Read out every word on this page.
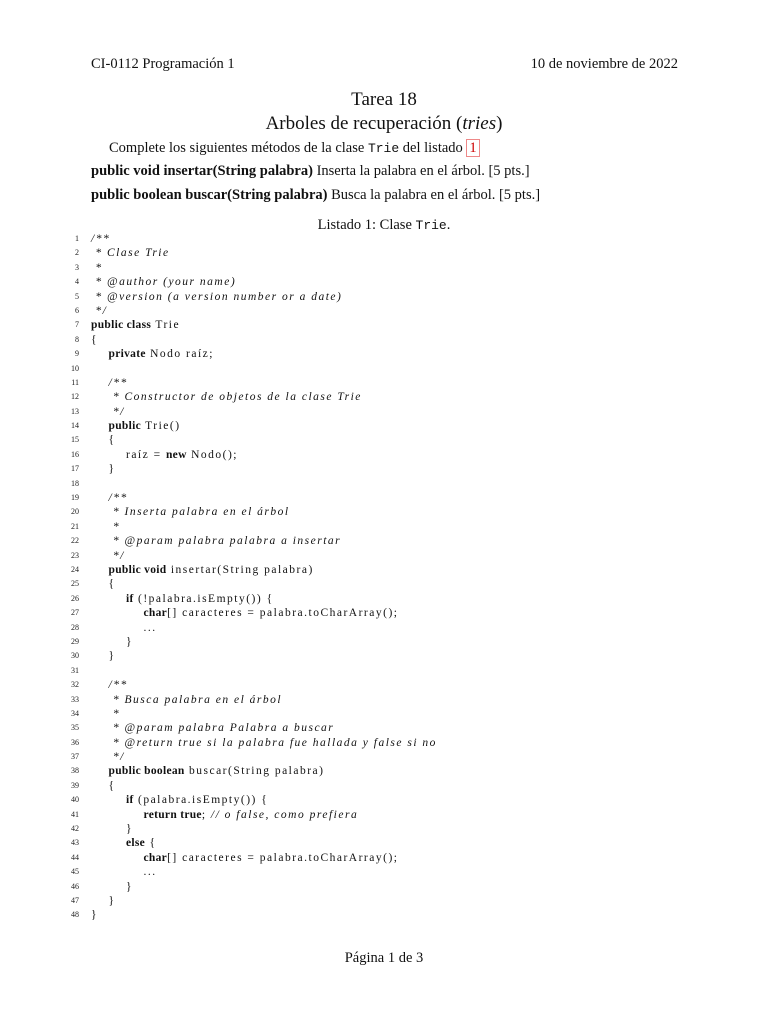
CI-0112 Programación 1	10 de noviembre de 2022
Tarea 18
Arboles de recuperación (tries)
Complete los siguientes métodos de la clase Trie del listado 1
public void insertar(String palabra) Inserta la palabra en el árbol. [5 pts.]
public boolean buscar(String palabra) Busca la palabra en el árbol. [5 pts.]
Listado 1: Clase Trie.
1 /**
2 * Clase Trie
3 *
4 * @author (your name)
5 * @version (a version number or a date)
6 */
7 public class Trie
8 {
9	private Nodo raíz;
10
11 /**
12 * Constructor de objetos de la clase Trie
13 */
14	public Trie()
15 {
16 raíz = new Nodo();
17 }
18
19 /**
20 * Inserta palabra en el árbol
21 *
22 * @param palabra palabra a insertar
23 */
24	public void insertar(String palabra)
25 {
26	if (!palabra.isEmpty()) {
27	char[] caracteres = palabra.toCharArray();
28 ...
29 }
30 }
31
32 /**
33 * Busca palabra en el árbol
34 *
35 * @param palabra Palabra a buscar
36 * @return true si la palabra fue hallada y false si no
37 */
38	public boolean buscar(String palabra)
39 {
40	if (palabra.isEmpty()) {
41	return true; // o false, como prefiera
42 }
43	else {
44	char[] caracteres = palabra.toCharArray();
45 ...
46 }
47 }
48 }
Página 1 de 3
